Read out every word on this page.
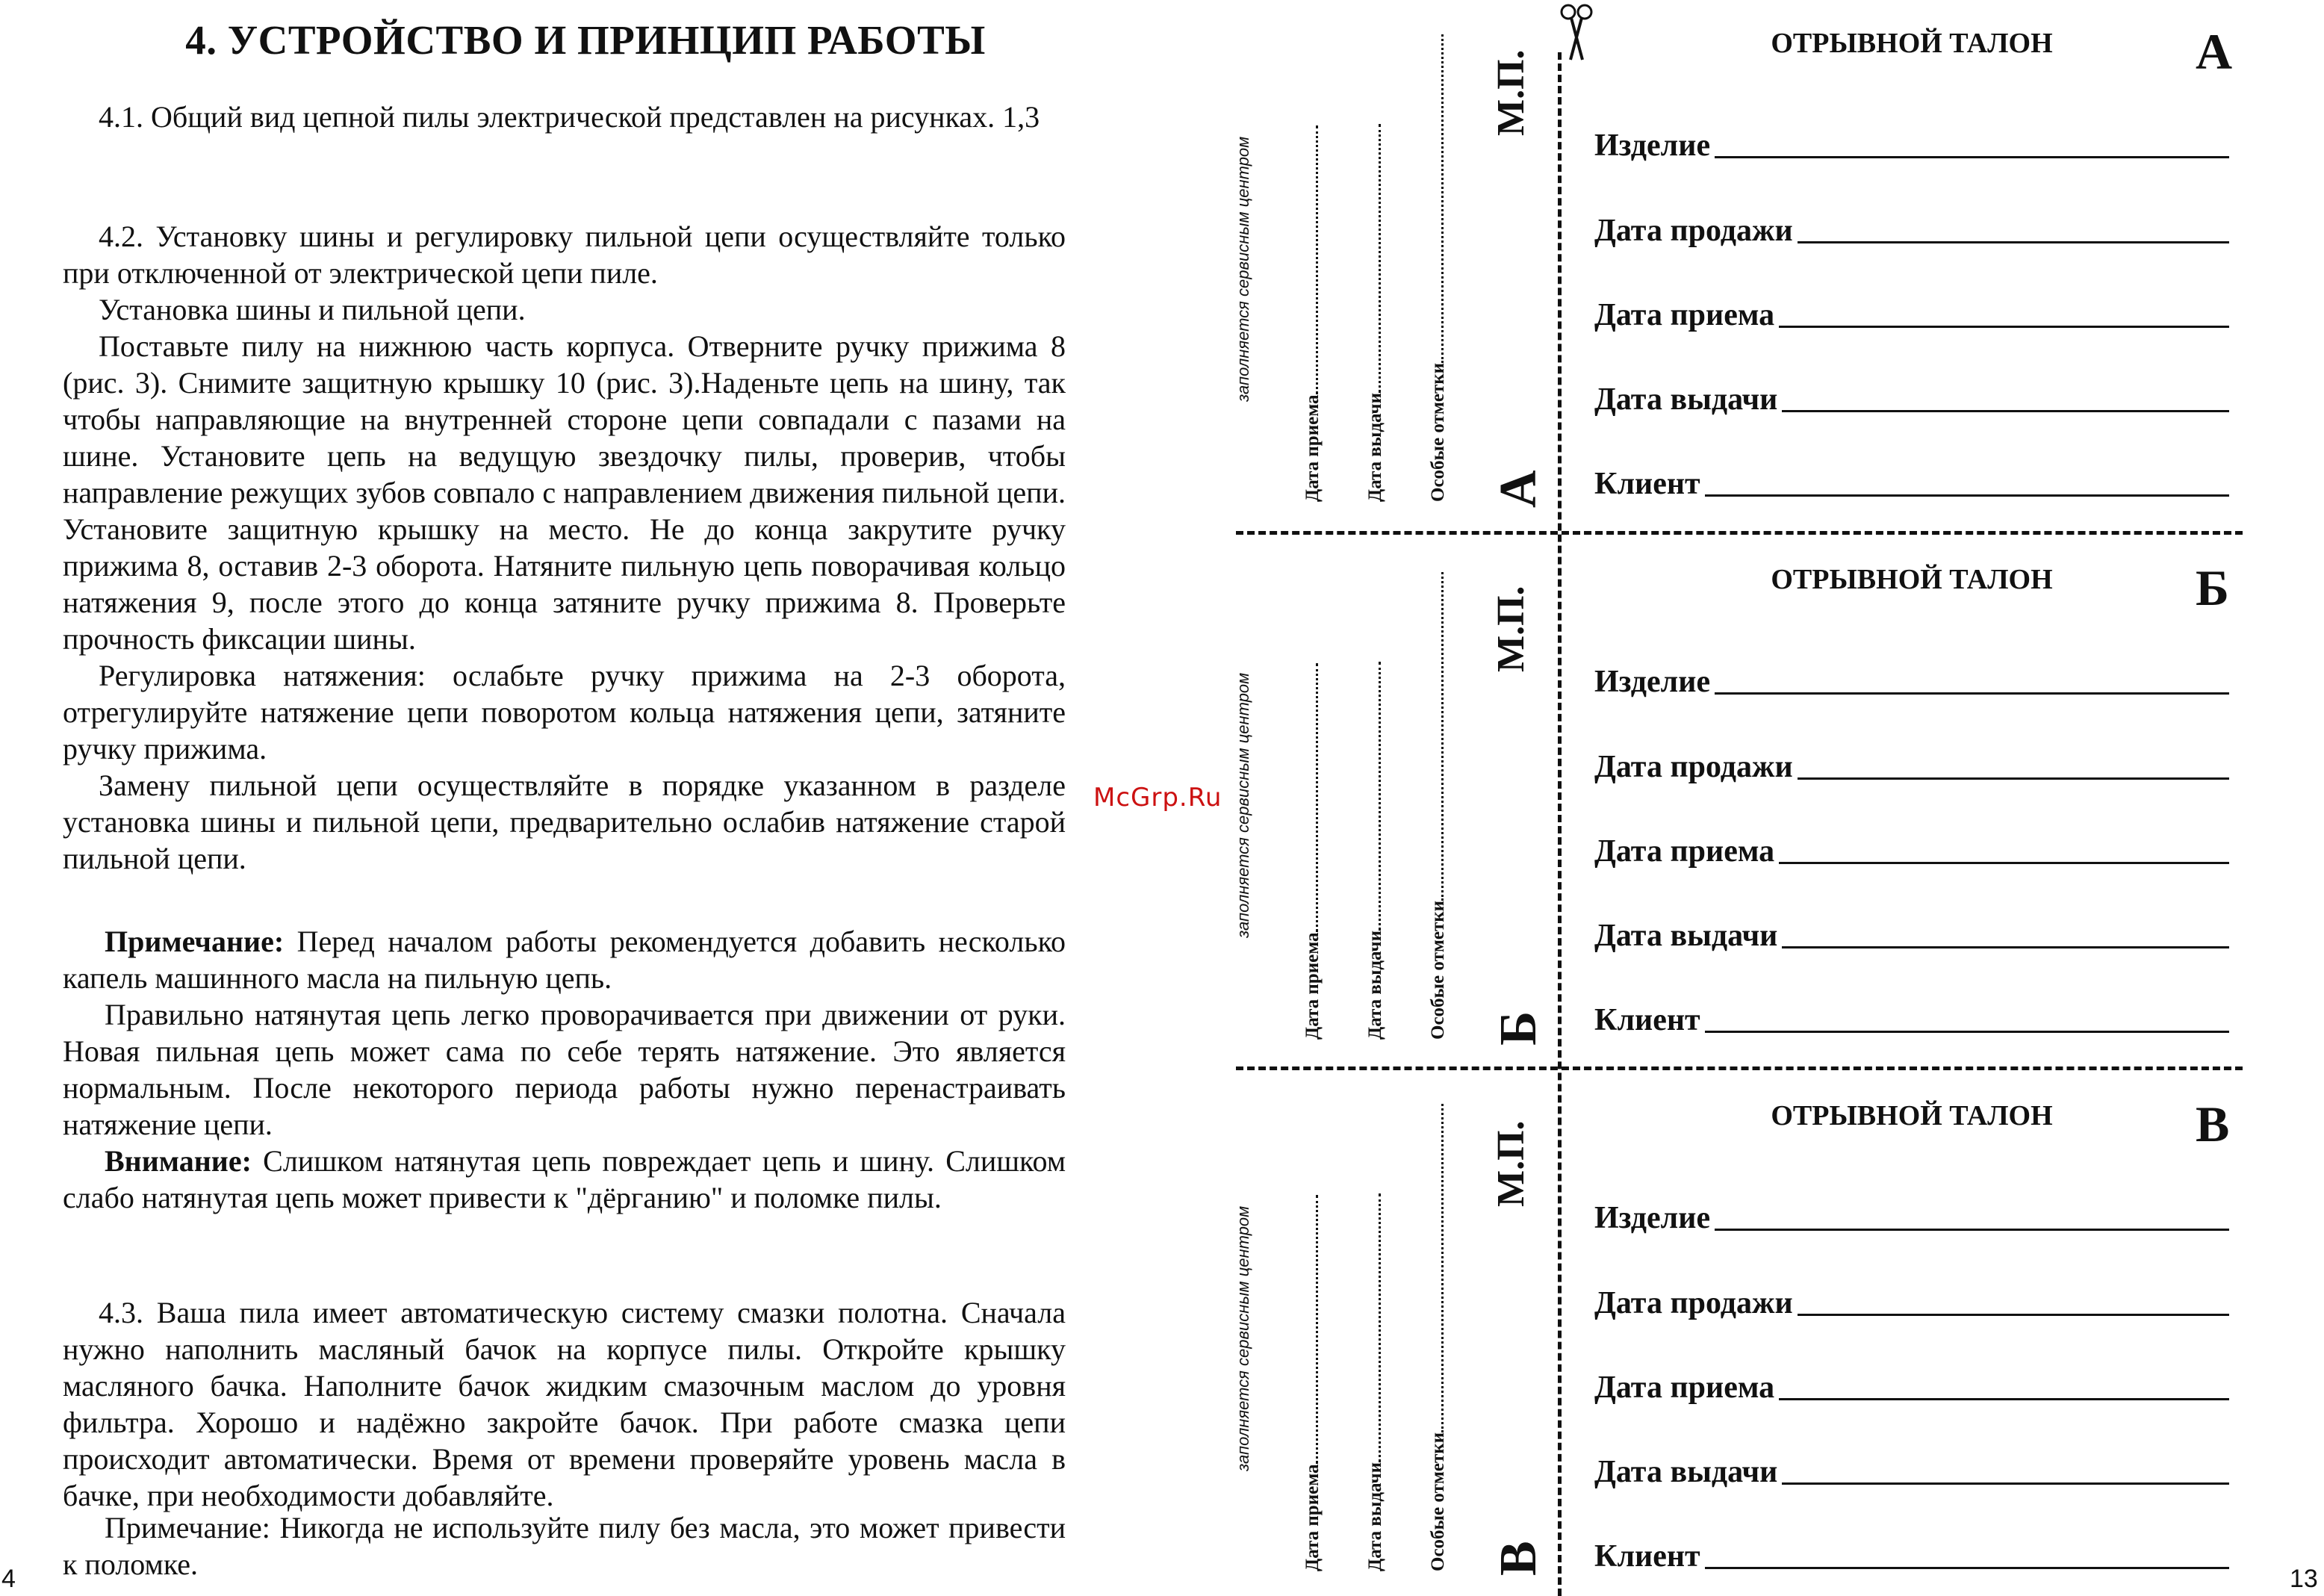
4. УСТРОЙСТВО И ПРИНЦИП РАБОТЫ

4.1. Общий вид цепной пилы электрической представлен на рисунках. 1,3

4.2. Установку шины и регулировку пильной цепи осуществляйте только при отключенной от электрической цепи пиле.

Установка шины и пильной цепи.

Поставьте пилу на нижнюю часть корпуса. Отверните ручку прижима 8 (рис. 3). Снимите защитную крышку 10 (рис. 3).Наденьте цепь на шину, так чтобы направляющие на внутренней стороне цепи совпадали с пазами на шине. Установите цепь на ведущую звездочку пилы, проверив, чтобы направление режущих зубов совпало с направлением движения пильной цепи. Установите защитную крышку на место. Не до конца закрутите ручку прижима 8, оставив 2-3 оборота. Натяните пильную цепь поворачивая кольцо натяжения 9, после этого до конца затяните ручку прижима 8. Проверьте прочность фиксации шины.

Регулировка натяжения: ослабьте ручку прижима на 2-3 оборота, отрегулируйте натяжение цепи поворотом кольца натяжения цепи, затяните ручку прижима.

Замену пильной цепи осуществляйте в порядке указанном в разделе установка шины и пильной цепи, предварительно ослабив натяжение старой пильной цепи.

Примечание: Перед началом работы рекомендуется добавить несколько капель машинного масла на пильную цепь.

Правильно натянутая цепь легко проворачивается при движении от руки. Новая пильная цепь может сама по себе терять натяжение. Это является нормальным. После некоторого периода работы нужно перенастраивать натяжение цепи.

Внимание: Слишком натянутая цепь повреждает цепь и шину. Слишком слабо натянутая цепь может привести к "дёрганию" и поломке пилы.

4.3. Ваша пила имеет автоматическую систему смазки полотна. Сначала нужно наполнить масляный бачок на корпусе пилы. Откройте крышку масляного бачка. Наполните бачок жидким смазочным маслом до уровня фильтра. Хорошо и надёжно закройте бачок. При работе смазка цепи происходит автоматически. Время от времени проверяйте уровень масла в бачке, при необходимости добавляйте.

Примечание: Никогда не используйте пилу без масла, это может привести к поломке.

4
McGrp.Ru
заполняется сервисным центром
Дата приема Дата выдачи Особые отметки
М.П.
А
ОТРЫВНОЙ ТАЛОН	А
Изделие
Дата продажи
Дата приема
Дата выдачи
Клиент
заполняется сервисным центром
Дата приема Дата выдачи Особые отметки
М.П.
Б
ОТРЫВНОЙ ТАЛОН	Б
Изделие
Дата продажи
Дата приема
Дата выдачи
Клиент
заполняется сервисным центром
Дата приема Дата выдачи Особые отметки
М.П.
В
ОТРЫВНОЙ ТАЛОН	В
Изделие
Дата продажи
Дата приема
Дата выдачи
Клиент
13
